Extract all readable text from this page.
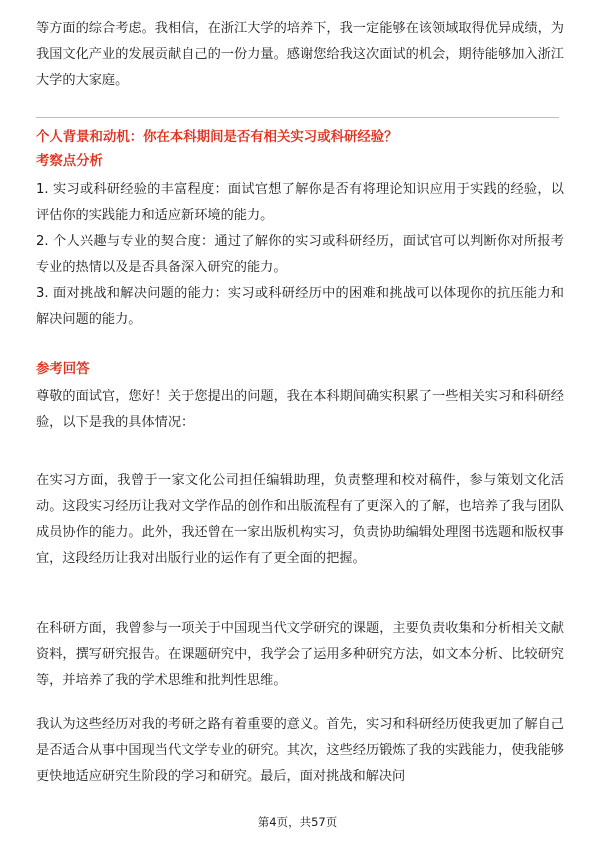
等方面的综合考虑。我相信，在浙江大学的培养下，我一定能够在该领域取得优异成绩，为我国文化产业的发展贡献自己的一份力量。感谢您给我这次面试的机会，期待能够加入浙江大学的大家庭。

个人背景和动机：你在本科期间是否有相关实习或科研经验？

考察点分析

1. 实习或科研经验的丰富程度：面试官想了解你是否有将理论知识应用于实践的经验，以评估你的实践能力和适应新环境的能力。

2. 个人兴趣与专业的契合度：通过了解你的实习或科研经历，面试官可以判断你对所报考专业的热情以及是否具备深入研究的能力。

3. 面对挑战和解决问题的能力：实习或科研经历中的困难和挑战可以体现你的抗压能力和解决问题的能力。

参考回答

尊敬的面试官，您好！关于您提出的问题，我在本科期间确实积累了一些相关实习和科研经验，以下是我的具体情况：

在实习方面，我曾于一家文化公司担任编辑助理，负责整理和校对稿件，参与策划文化活动。这段实习经历让我对文学作品的创作和出版流程有了更深入的了解，也培养了我与团队成员协作的能力。此外，我还曾在一家出版机构实习，负责协助编辑处理图书选题和版权事宜，这段经历让我对出版行业的运作有了更全面的把握。

在科研方面，我曾参与一项关于中国现当代文学研究的课题，主要负责收集和分析相关文献资料，撰写研究报告。在课题研究中，我学会了运用多种研究方法，如文本分析、比较研究等，并培养了我的学术思维和批判性思维。

我认为这些经历对我的考研之路有着重要的意义。首先，实习和科研经历使我更加了解自己是否适合从事中国现当代文学专业的研究。其次，这些经历锻炼了我的实践能力，使我能够更快地适应研究生阶段的学习和研究。最后，面对挑战和解决问

第4页，共57页
